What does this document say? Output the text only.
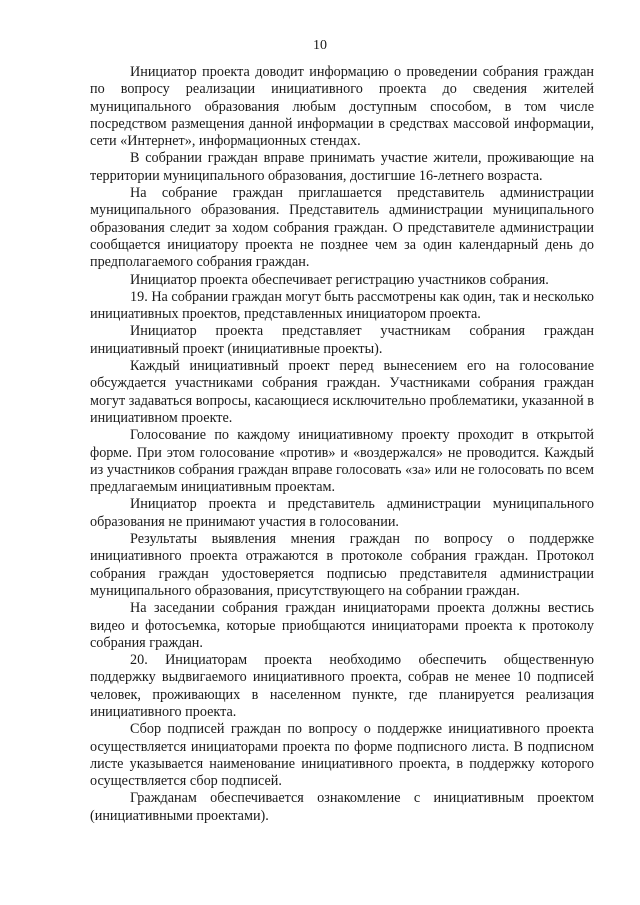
10

Инициатор проекта доводит информацию о проведении собрания граждан по вопросу реализации инициативного проекта до сведения жителей муниципального образования любым доступным способом, в том числе посредством размещения данной информации в средствах массовой информации, сети «Интернет», информационных стендах.

В собрании граждан вправе принимать участие жители, проживающие на территории муниципального образования, достигшие 16-летнего возраста.

На собрание граждан приглашается представитель администрации муниципального образования. Представитель администрации муниципального образования следит за ходом собрания граждан. О представителе администрации сообщается инициатору проекта не позднее чем за один календарный день до предполагаемого собрания граждан.

Инициатор проекта обеспечивает регистрацию участников собрания.

19. На собрании граждан могут быть рассмотрены как один, так и несколько инициативных проектов, представленных инициатором проекта.

Инициатор проекта представляет участникам собрания граждан инициативный проект (инициативные проекты).

Каждый инициативный проект перед вынесением его на голосование обсуждается участниками собрания граждан. Участниками собрания граждан могут задаваться вопросы, касающиеся исключительно проблематики, указанной в инициативном проекте.

Голосование по каждому инициативному проекту проходит в открытой форме. При этом голосование «против» и «воздержался» не проводится. Каждый из участников собрания граждан вправе голосовать «за» или не голосовать по всем предлагаемым инициативным проектам.

Инициатор проекта и представитель администрации муниципального образования не принимают участия в голосовании.

Результаты выявления мнения граждан по вопросу о поддержке инициативного проекта отражаются в протоколе собрания граждан. Протокол собрания граждан удостоверяется подписью представителя администрации муниципального образования, присутствующего на собрании граждан.

На заседании собрания граждан инициаторами проекта должны вестись видео и фотосъемка, которые приобщаются инициаторами проекта к протоколу собрания граждан.

20. Инициаторам проекта необходимо обеспечить общественную поддержку выдвигаемого инициативного проекта, собрав не менее 10 подписей человек, проживающих в населенном пункте, где планируется реализация инициативного проекта.

Сбор подписей граждан по вопросу о поддержке инициативного проекта осуществляется инициаторами проекта по форме подписного листа. В подписном листе указывается наименование инициативного проекта, в поддержку которого осуществляется сбор подписей.

Гражданам обеспечивается ознакомление с инициативным проектом (инициативными проектами).
